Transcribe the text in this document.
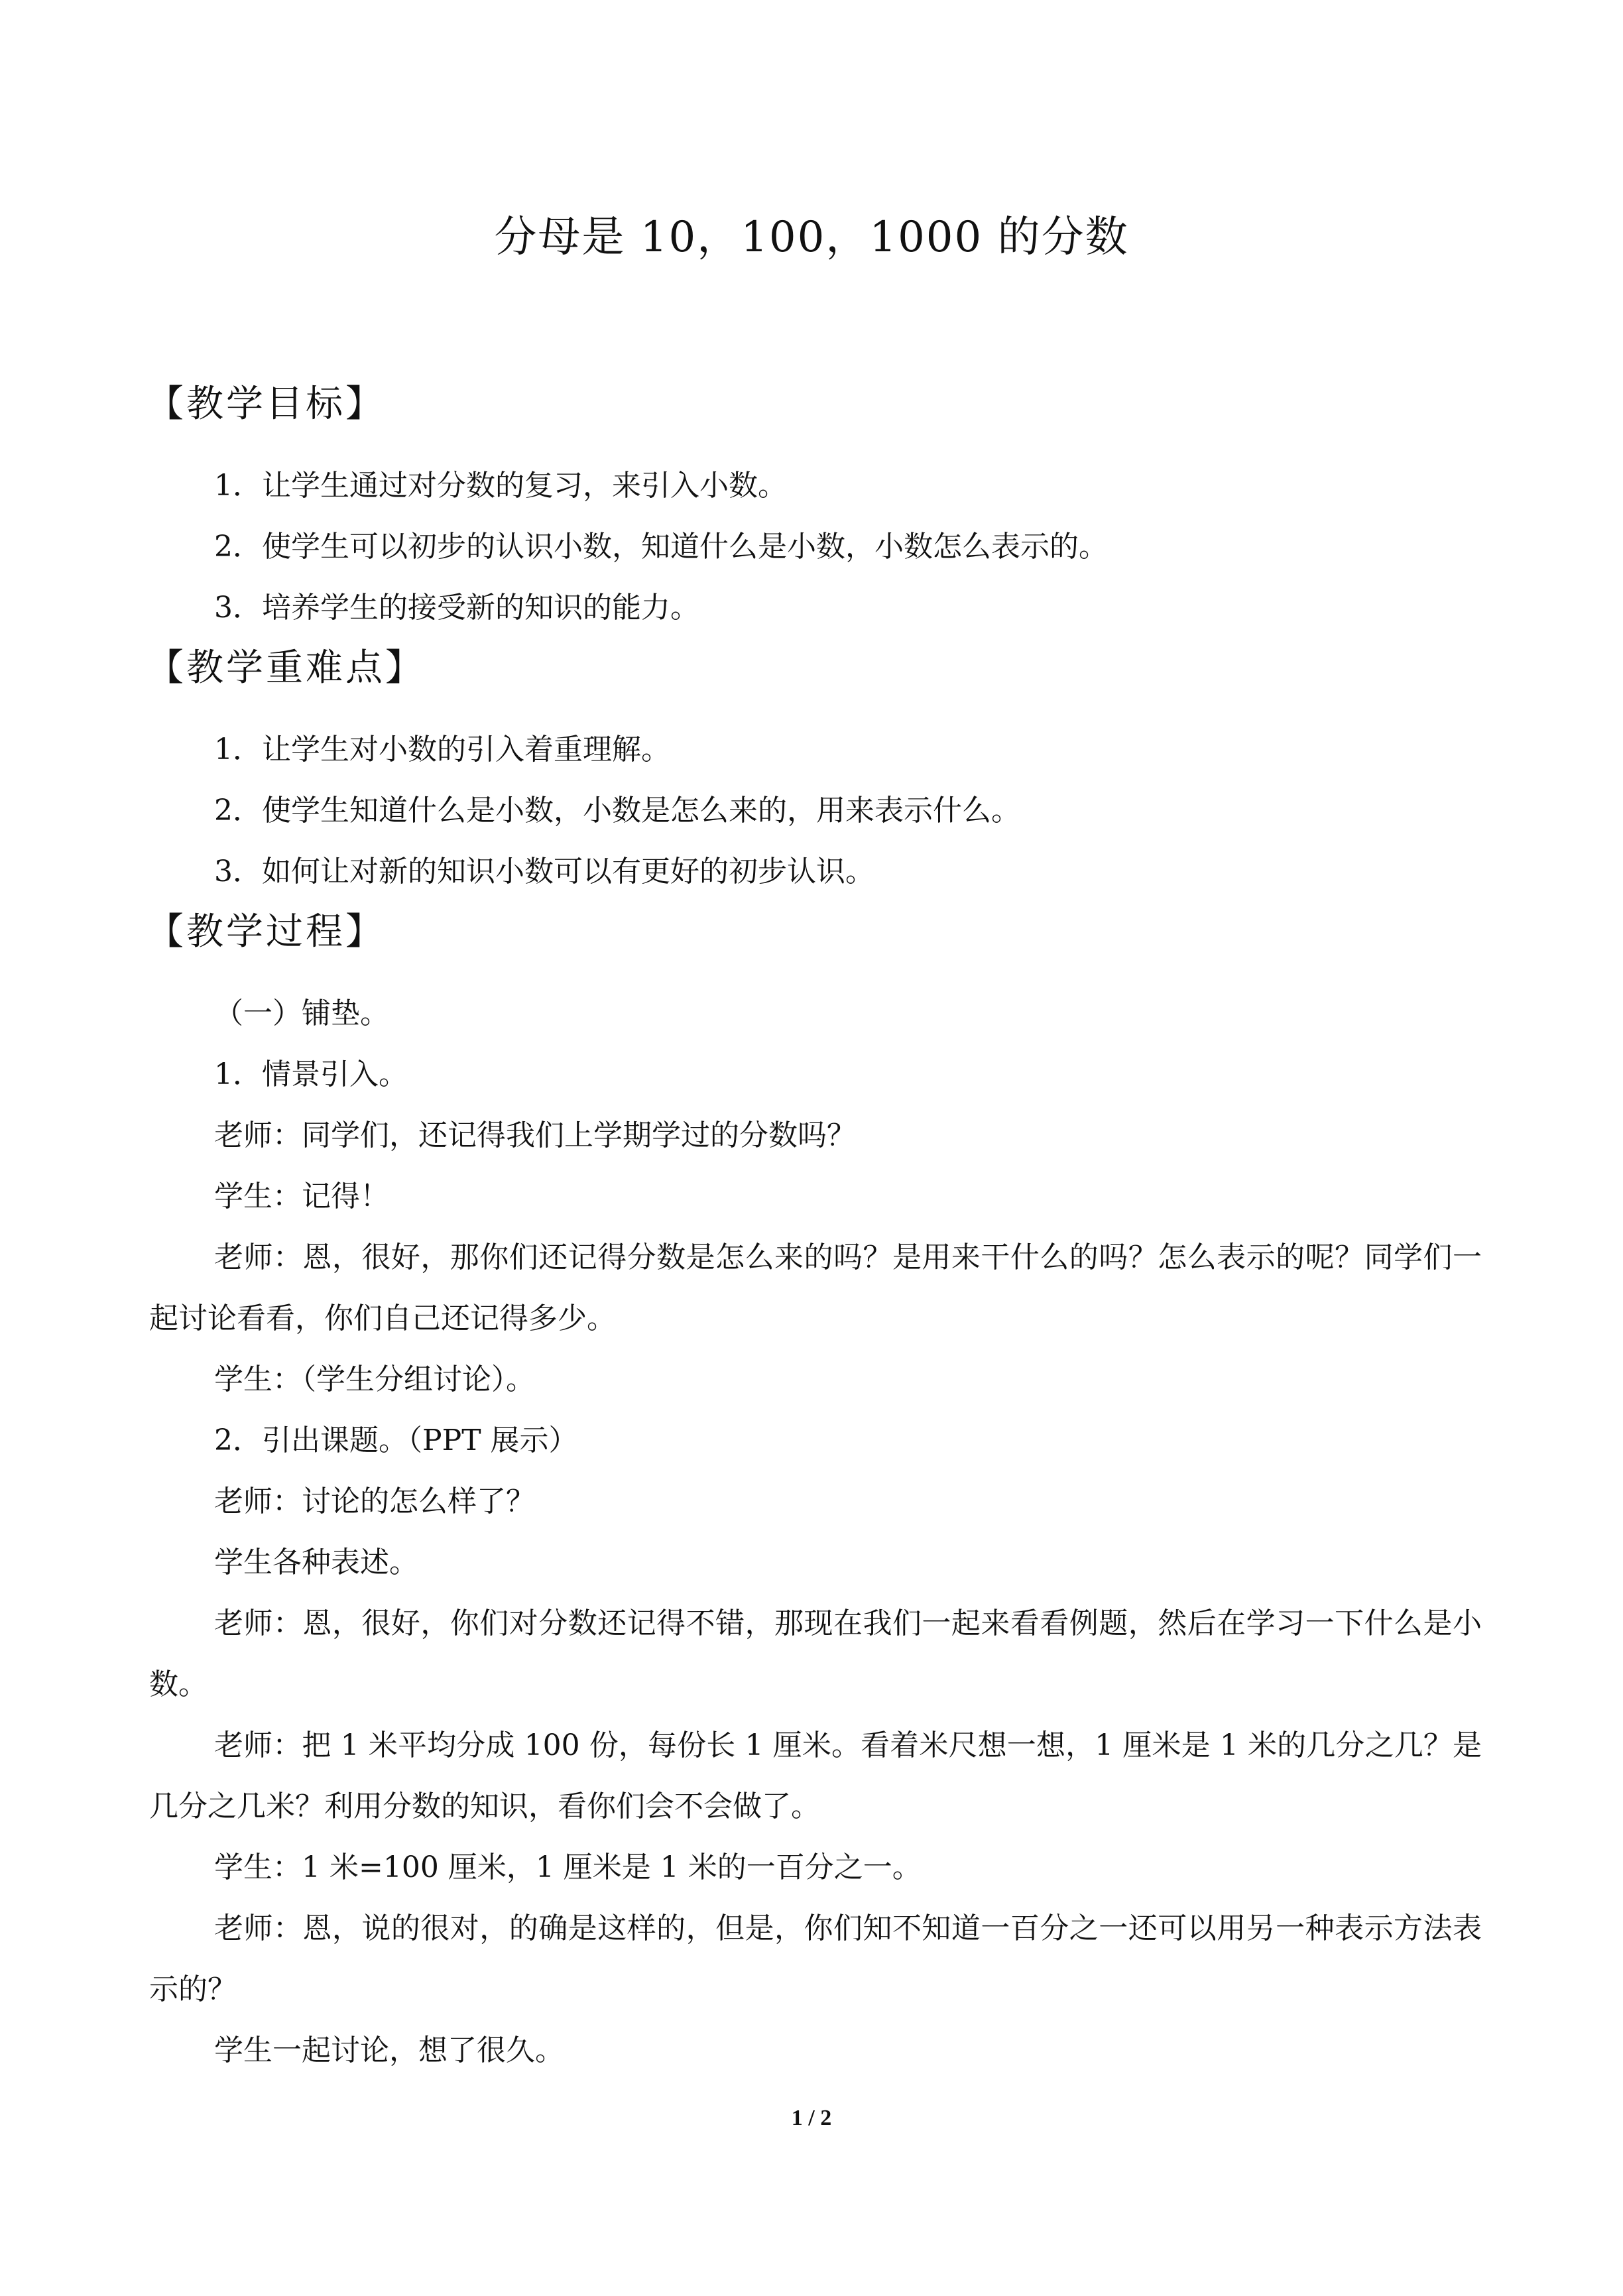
分母是 10，100，1000 的分数
【教学目标】

1．让学生通过对分数的复习，来引入小数。

2．使学生可以初步的认识小数，知道什么是小数，小数怎么表示的。

3．培养学生的接受新的知识的能力。

【教学重难点】

1．让学生对小数的引入着重理解。

2．使学生知道什么是小数，小数是怎么来的，用来表示什么。

3．如何让对新的知识小数可以有更好的初步认识。

【教学过程】

（一）铺垫。

1．情景引入。

老师：同学们，还记得我们上学期学过的分数吗？

学生：记得！

老师：恩，很好，那你们还记得分数是怎么来的吗？是用来干什么的吗？怎么表示的呢？同学们一起讨论看看，你们自己还记得多少。

学生：（学生分组讨论）。

2．引出课题。（PPT 展示）

老师：讨论的怎么样了？

学生各种表述。

老师：恩，很好，你们对分数还记得不错，那现在我们一起来看看例题，然后在学习一下什么是小数。

老师：把 1 米平均分成 100 份，每份长 1 厘米。看着米尺想一想，1 厘米是 1 米的几分之几？是几分之几米？利用分数的知识，看你们会不会做了。

学生：1 米=100 厘米，1 厘米是 1 米的一百分之一。

老师：恩，说的很对，的确是这样的，但是，你们知不知道一百分之一还可以用另一种表示方法表示的？

学生一起讨论，想了很久。

1 / 2
